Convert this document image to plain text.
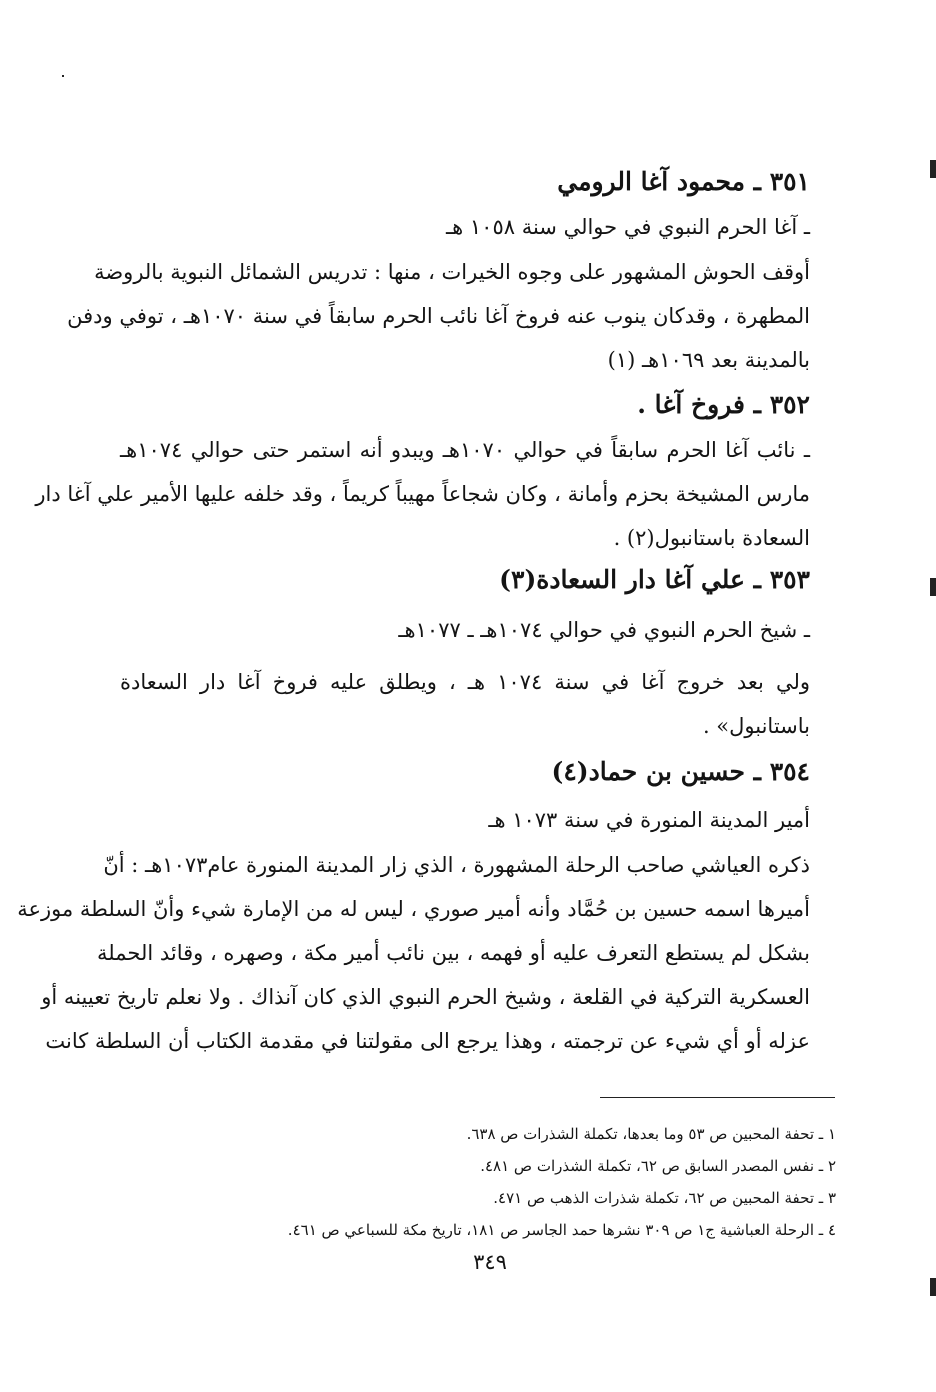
٣٥١ ـ محمود آغا الرومي
ـ آغا الحرم النبوي في حوالي سنة ١٠٥٨ هـ
أوقف الحوش المشهور على وجوه الخيرات ، منها : تدريس الشمائل النبوية بالروضة
المطهرة ، وقدكان ينوب عنه فروخ آغا نائب الحرم سابقاً في سنة ١٠٧٠هـ ، توفي ودفن
بالمدينة بعد ١٠٦٩هـ (١)
٣٥٢ ـ فروخ آغا .
ـ نائب آغا الحرم سابقاً في حوالي ١٠٧٠هـ ويبدو أنه استمر حتى حوالي ١٠٧٤هـ
مارس المشيخة بحزم وأمانة ، وكان شجاعاً مهيباً كريماً ، وقد خلفه عليها الأمير علي آغا دار
السعادة باستانبول(٢) .
٣٥٣ ـ علي آغا دار السعادة(٣)
ـ شيخ الحرم النبوي في حوالي ١٠٧٤هـ ـ ١٠٧٧هـ
ولي بعد خروج آغا في سنة ١٠٧٤ هـ ، ويطلق عليه فروخ آغا دار السعادة
باستانبول» .
٣٥٤ ـ حسين بن حماد(٤)
أمير المدينة المنورة في سنة ١٠٧٣ هـ
ذكره العياشي صاحب الرحلة المشهورة ، الذي زار المدينة المنورة عام١٠٧٣هـ : أنّ
أميرها اسمه حسين بن حُمَّاد وأنه أمير صوري ، ليس له من الإمارة شيء وأنّ السلطة موزعة
بشكل لم يستطع التعرف عليه أو فهمه ، بين نائب أمير مكة ، وصهره ، وقائد الحملة
العسكرية التركية في القلعة ، وشيخ الحرم النبوي الذي كان آنذاك . ولا نعلم تاريخ تعيينه أو
عزله أو أي شيء عن ترجمته ، وهذا يرجع الى مقولتنا في مقدمة الكتاب أن السلطة كانت
١ ـ تحفة المحبين ص ٥٣ وما بعدها، تكملة الشذرات ص ٦٣٨.
٢ ـ نفس المصدر السابق ص ٦٢، تكملة الشذرات ص ٤٨١.
٣ ـ تحفة المحبين ص ٦٢، تكملة شذرات الذهب ص ٤٧١.
٤ ـ الرحلة العباشية ج١ ص ٣٠٩ نشرها حمد الجاسر ص ١٨١، تاريخ مكة للسباعي ص ٤٦١.
٣٤٩
